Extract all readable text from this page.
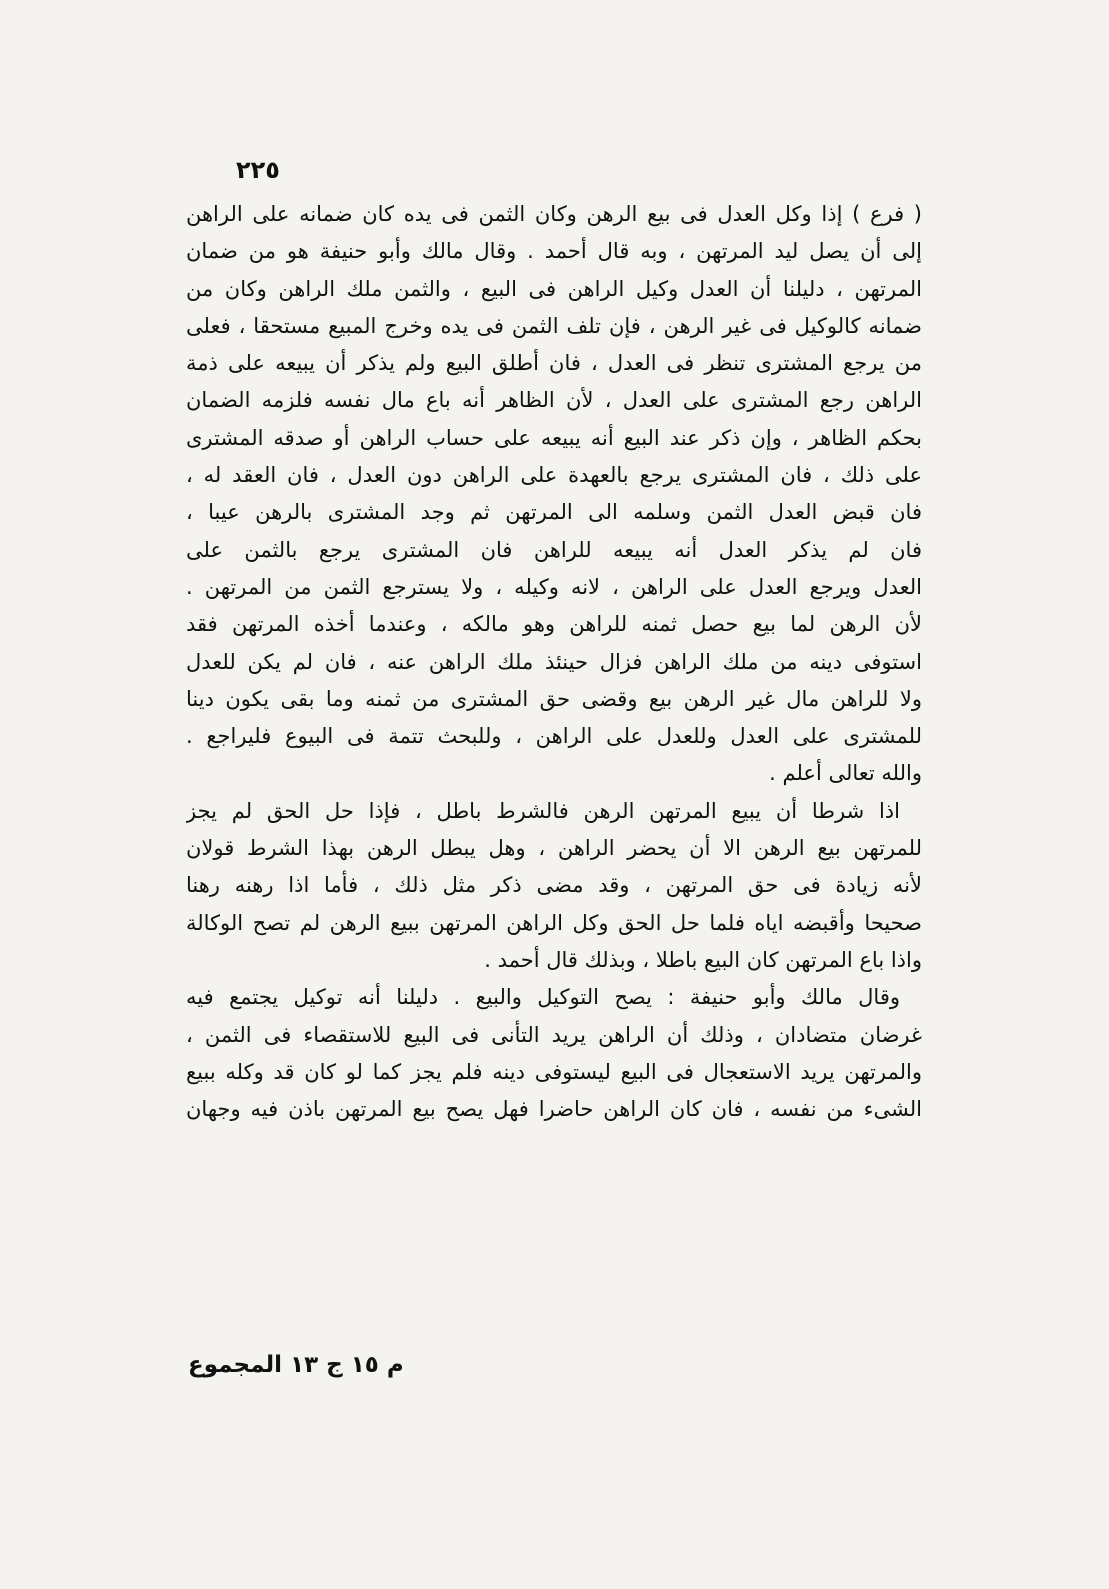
٢٢٥
( فرع ) إذا وكل العدل فى بيع الرهن وكان الثمن فى يده كان ضمانه على الراهن
إلى أن يصل ليد المرتهن ، وبه قال أحمد . وقال مالك وأبو حنيفة هو من ضمان
المرتهن ، دليلنا أن العدل وكيل الراهن فى البيع ، والثمن ملك الراهن وكان من
ضمانه كالوكيل فى غير الرهن ، فإن تلف الثمن فى يده وخرج المبيع مستحقا ، فعلى
من يرجع المشترى تنظر فى العدل ، فان أطلق البيع ولم يذكر أن يبيعه على ذمة
الراهن رجع المشترى على العدل ، لأن الظاهر أنه باع مال نفسه فلزمه الضمان
بحكم الظاهر ، وإن ذكر عند البيع أنه يبيعه على حساب الراهن أو صدقه المشترى
على ذلك ، فان المشترى يرجع بالعهدة على الراهن دون العدل ، فان العقد له ،
فان قبض العدل الثمن وسلمه الى المرتهن ثم وجد المشترى بالرهن عيبا ،
فان لم يذكر العدل أنه يبيعه للراهن فان المشترى يرجع بالثمن على
العدل ويرجع العدل على الراهن ، لانه وكيله ، ولا يسترجع الثمن من المرتهن .
لأن الرهن لما بيع حصل ثمنه للراهن وهو مالكه ، وعندما أخذه المرتهن فقد
استوفى دينه من ملك الراهن فزال حينئذ ملك الراهن عنه ، فان لم يكن للعدل
ولا للراهن مال غير الرهن بيع وقضى حق المشترى من ثمنه وما بقى يكون دينا
للمشترى على العدل وللعدل على الراهن ، وللبحث تتمة فى البيوع فليراجع .
والله تعالى أعلم .
اذا شرطا أن يبيع المرتهن الرهن فالشرط باطل ، فإذا حل الحق لم يجز
للمرتهن بيع الرهن الا أن يحضر الراهن ، وهل يبطل الرهن بهذا الشرط قولان
لأنه زيادة فى حق المرتهن ، وقد مضى ذكر مثل ذلك ، فأما اذا رهنه رهنا
صحيحا وأقبضه اياه فلما حل الحق وكل الراهن المرتهن ببيع الرهن لم تصح الوكالة
واذا باع المرتهن كان البيع باطلا ، وبذلك قال أحمد .
وقال مالك وأبو حنيفة : يصح التوكيل والبيع . دليلنا أنه توكيل يجتمع فيه
غرضان متضادان ، وذلك أن الراهن يريد التأنى فى البيع للاستقصاء فى الثمن ،
والمرتهن يريد الاستعجال فى البيع ليستوفى دينه فلم يجز كما لو كان قد وكله ببيع
الشىء من نفسه ، فان كان الراهن حاضرا فهل يصح بيع المرتهن باذن فيه وجهان
م ١٥ ج ١٣ المجموع
